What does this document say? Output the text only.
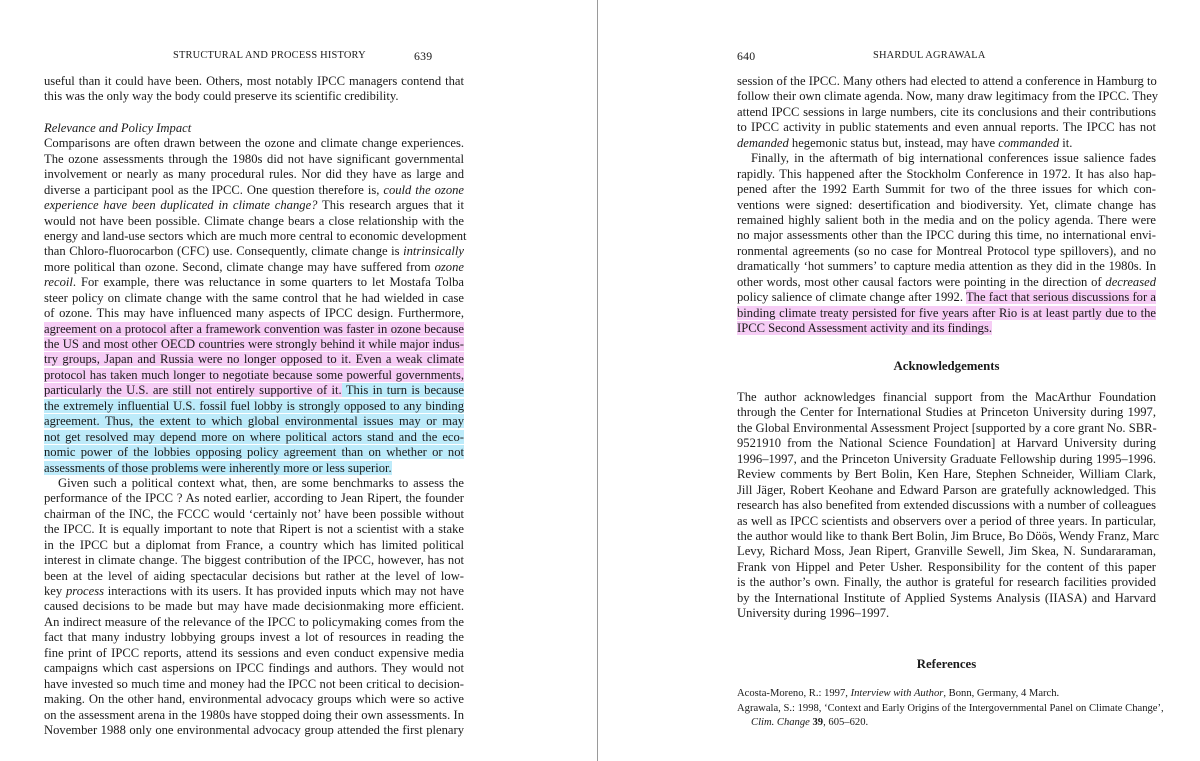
STRUCTURAL AND PROCESS HISTORY	639
useful than it could have been. Others, most notably IPCC managers contend that
this was the only way the body could preserve its scientific credibility.
Relevance and Policy Impact
Comparisons are often drawn between the ozone and climate change experiences.
The ozone assessments through the 1980s did not have significant governmental
involvement or nearly as many procedural rules. Nor did they have as large and
diverse a participant pool as the IPCC. One question therefore is, could the ozone
experience have been duplicated in climate change? This research argues that it
would not have been possible. Climate change bears a close relationship with the
energy and land-use sectors which are much more central to economic development
than Chloro-fluorocarbon (CFC) use. Consequently, climate change is intrinsically
more political than ozone. Second, climate change may have suffered from ozone
recoil. For example, there was reluctance in some quarters to let Mostafa Tolba
steer policy on climate change with the same control that he had wielded in case
of ozone. This may have influenced many aspects of IPCC design. Furthermore,
agreement on a protocol after a framework convention was faster in ozone because
the US and most other OECD countries were strongly behind it while major indus-
try groups, Japan and Russia were no longer opposed to it. Even a weak climate
protocol has taken much longer to negotiate because some powerful governments,
particularly the U.S. are still not entirely supportive of it. This in turn is because
the extremely influential U.S. fossil fuel lobby is strongly opposed to any binding
agreement. Thus, the extent to which global environmental issues may or may
not get resolved may depend more on where political actors stand and the eco-
nomic power of the lobbies opposing policy agreement than on whether or not
assessments of those problems were inherently more or less superior.
Given such a political context what, then, are some benchmarks to assess the
performance of the IPCC ? As noted earlier, according to Jean Ripert, the founder
chairman of the INC, the FCCC would ‘certainly not’ have been possible without
the IPCC. It is equally important to note that Ripert is not a scientist with a stake
in the IPCC but a diplomat from France, a country which has limited political
interest in climate change. The biggest contribution of the IPCC, however, has not
been at the level of aiding spectacular decisions but rather at the level of low-
key process interactions with its users. It has provided inputs which may not have
caused decisions to be made but may have made decisionmaking more efficient.
An indirect measure of the relevance of the IPCC to policymaking comes from the
fact that many industry lobbying groups invest a lot of resources in reading the
fine print of IPCC reports, attend its sessions and even conduct expensive media
campaigns which cast aspersions on IPCC findings and authors. They would not
have invested so much time and money had the IPCC not been critical to decision-
making. On the other hand, environmental advocacy groups which were so active
on the assessment arena in the 1980s have stopped doing their own assessments. In
November 1988 only one environmental advocacy group attended the first plenary
640	SHARDUL AGRAWALA
session of the IPCC. Many others had elected to attend a conference in Hamburg to
follow their own climate agenda. Now, many draw legitimacy from the IPCC. They
attend IPCC sessions in large numbers, cite its conclusions and their contributions
to IPCC activity in public statements and even annual reports. The IPCC has not
demanded hegemonic status but, instead, may have commanded it.
Finally, in the aftermath of big international conferences issue salience fades
rapidly. This happened after the Stockholm Conference in 1972. It has also hap-
pened after the 1992 Earth Summit for two of the three issues for which con-
ventions were signed: desertification and biodiversity. Yet, climate change has
remained highly salient both in the media and on the policy agenda. There were
no major assessments other than the IPCC during this time, no international envi-
ronmental agreements (so no case for Montreal Protocol type spillovers), and no
dramatically ‘hot summers’ to capture media attention as they did in the 1980s. In
other words, most other causal factors were pointing in the direction of decreased
policy salience of climate change after 1992. The fact that serious discussions for a
binding climate treaty persisted for five years after Rio is at least partly due to the
IPCC Second Assessment activity and its findings.
Acknowledgements
The author acknowledges financial support from the MacArthur Foundation
through the Center for International Studies at Princeton University during 1997,
the Global Environmental Assessment Project [supported by a core grant No. SBR-
9521910 from the National Science Foundation] at Harvard University during
1996–1997, and the Princeton University Graduate Fellowship during 1995–1996.
Review comments by Bert Bolin, Ken Hare, Stephen Schneider, William Clark,
Jill Jäger, Robert Keohane and Edward Parson are gratefully acknowledged. This
research has also benefited from extended discussions with a number of colleagues
as well as IPCC scientists and observers over a period of three years. In particular,
the author would like to thank Bert Bolin, Jim Bruce, Bo Döös, Wendy Franz, Marc
Levy, Richard Moss, Jean Ripert, Granville Sewell, Jim Skea, N. Sundararaman,
Frank von Hippel and Peter Usher. Responsibility for the content of this paper
is the author’s own. Finally, the author is grateful for research facilities provided
by the International Institute of Applied Systems Analysis (IIASA) and Harvard
University during 1996–1997.
References
Acosta-Moreno, R.: 1997, Interview with Author, Bonn, Germany, 4 March.
Agrawala, S.: 1998, ‘Context and Early Origins of the Intergovernmental Panel on Climate Change’,
Clim. Change 39, 605–620.
